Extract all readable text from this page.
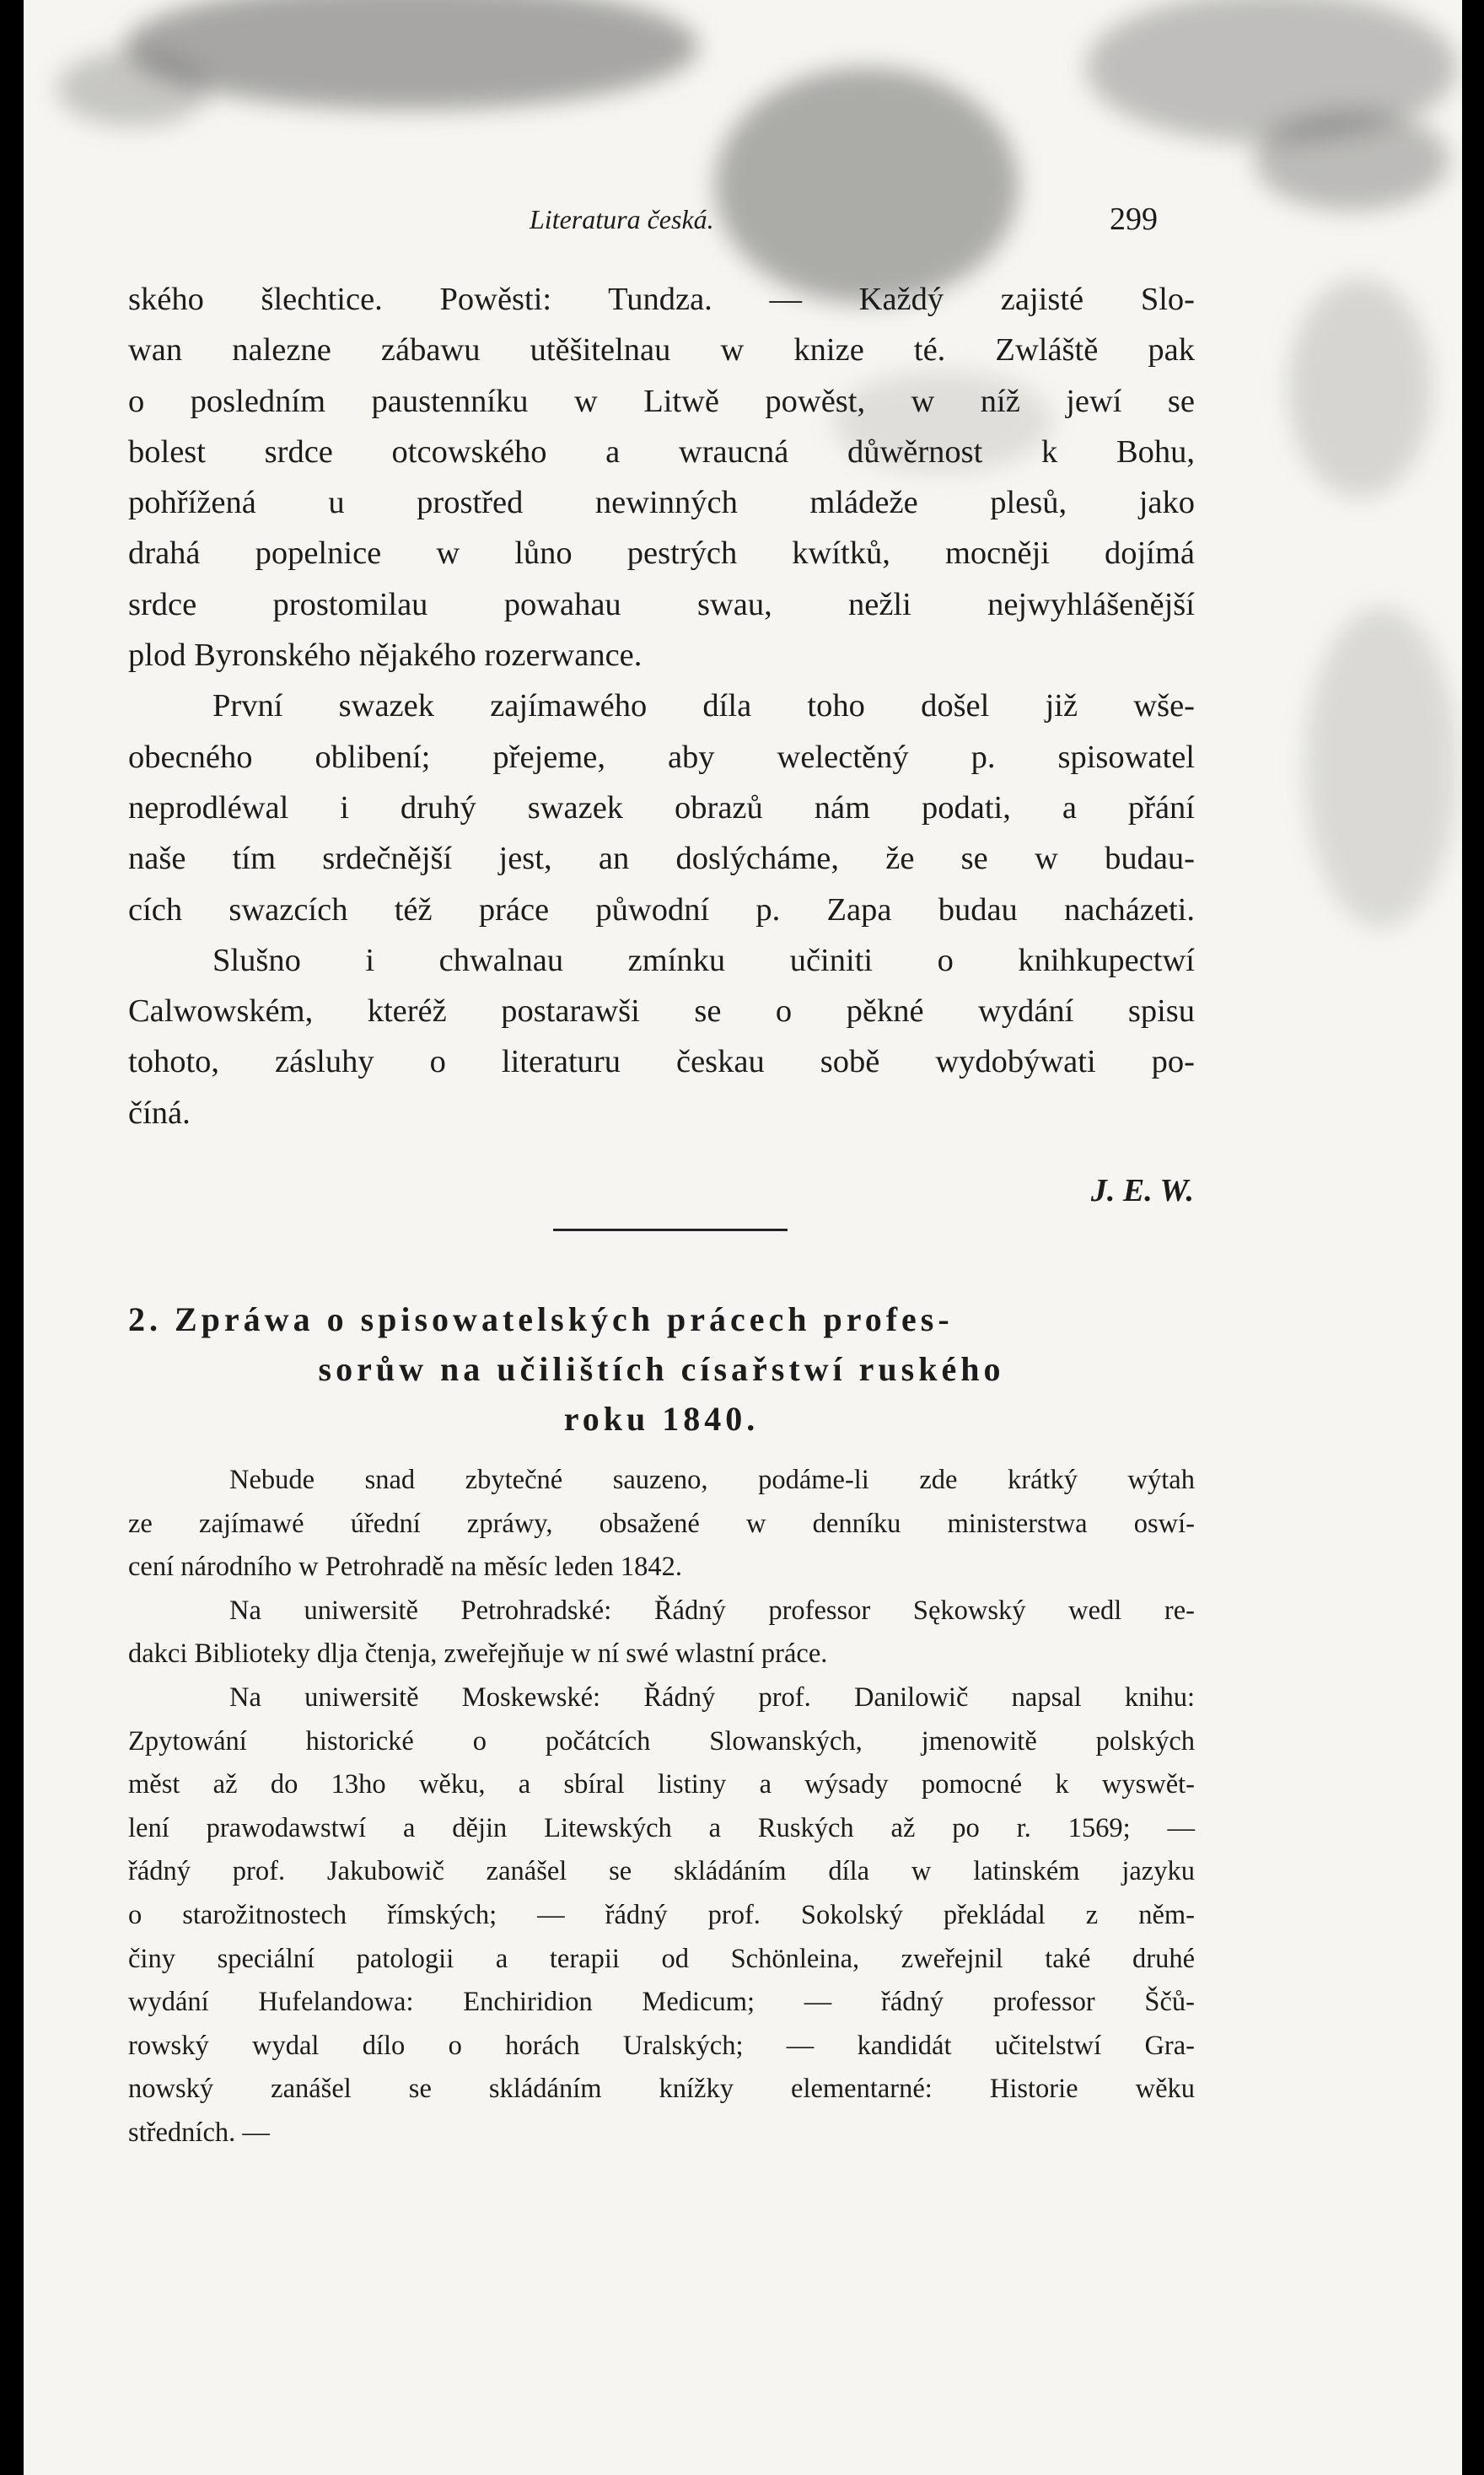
Literatura česká.	299
ského šlechtice. Powěsti: Tundza. — Každý zajisté Slo-
wan nalezne zábawu utěšitelnau w knize té. Zwláště pak
o posledním paustenníku w Litwě powěst, w níž jewí se
bolest srdce otcowského a wraucná důwěrnost k Bohu,
pohřížená u prostřed newinných mládeže plesů, jako
drahá popelnice w lůno pestrých kwítků, mocněji dojímá
srdce prostomilau powahau swau, nežli nejwyhlášenější
plod Byronského nějakého rozerwance.
První swazek zajímawého díla toho došel již wše-
obecného oblibení; přejeme, aby welectěný p. spisowatel
neprodléwal i druhý swazek obrazů nám podati, a přání
naše tím srdečnější jest, an doslýcháme, že se w budau-
cích swazcích též práce půwodní p. Zapa budau nacházeti.
Slušno i chwalnau zmínku učiniti o knihkupectwí
Calwowském, kteréž postarawši se o pěkné wydání spisu
tohoto, zásluhy o literaturu českau sobě wydobýwati po-
číná.
J. E. W.
2. Zpráwa o spisowatelských prácech profes-
sorůw na učilištích císařstwí ruského
roku 1840.
Nebude snad zbytečné sauzeno, podáme-li zde krátký wýtah
ze zajímawé úřední zpráwy, obsažené w denníku ministerstwa oswí-
cení národního w Petrohradě na měsíc leden 1842.
Na uniwersitě Petrohradské: Řádný professor Sękowský wedl re-
dakci Biblioteky dlja čtenja, zweřejňuje w ní swé wlastní práce.
Na uniwersitě Moskewské: Řádný prof. Danilowič napsal knihu:
Zpytowání historické o počátcích Slowanských, jmenowitě polských
měst až do 13ho wěku, a sbíral listiny a wýsady pomocné k wyswět-
lení prawodawstwí a dějin Litewských a Ruských až po r. 1569; —
řádný prof. Jakubowič zanášel se skládáním díla w latinském jazyku
o starožitnostech římských; — řádný prof. Sokolský překládal z něm-
činy speciální patologii a terapii od Schönleina, zweřejnil také druhé
wydání Hufelandowa: Enchiridion Medicum; — řádný professor Ščů-
rowský wydal dílo o horách Uralských; — kandidát učitelstwí Gra-
nowský zanášel se skládáním knížky elementarné: Historie wěku
středních. —
